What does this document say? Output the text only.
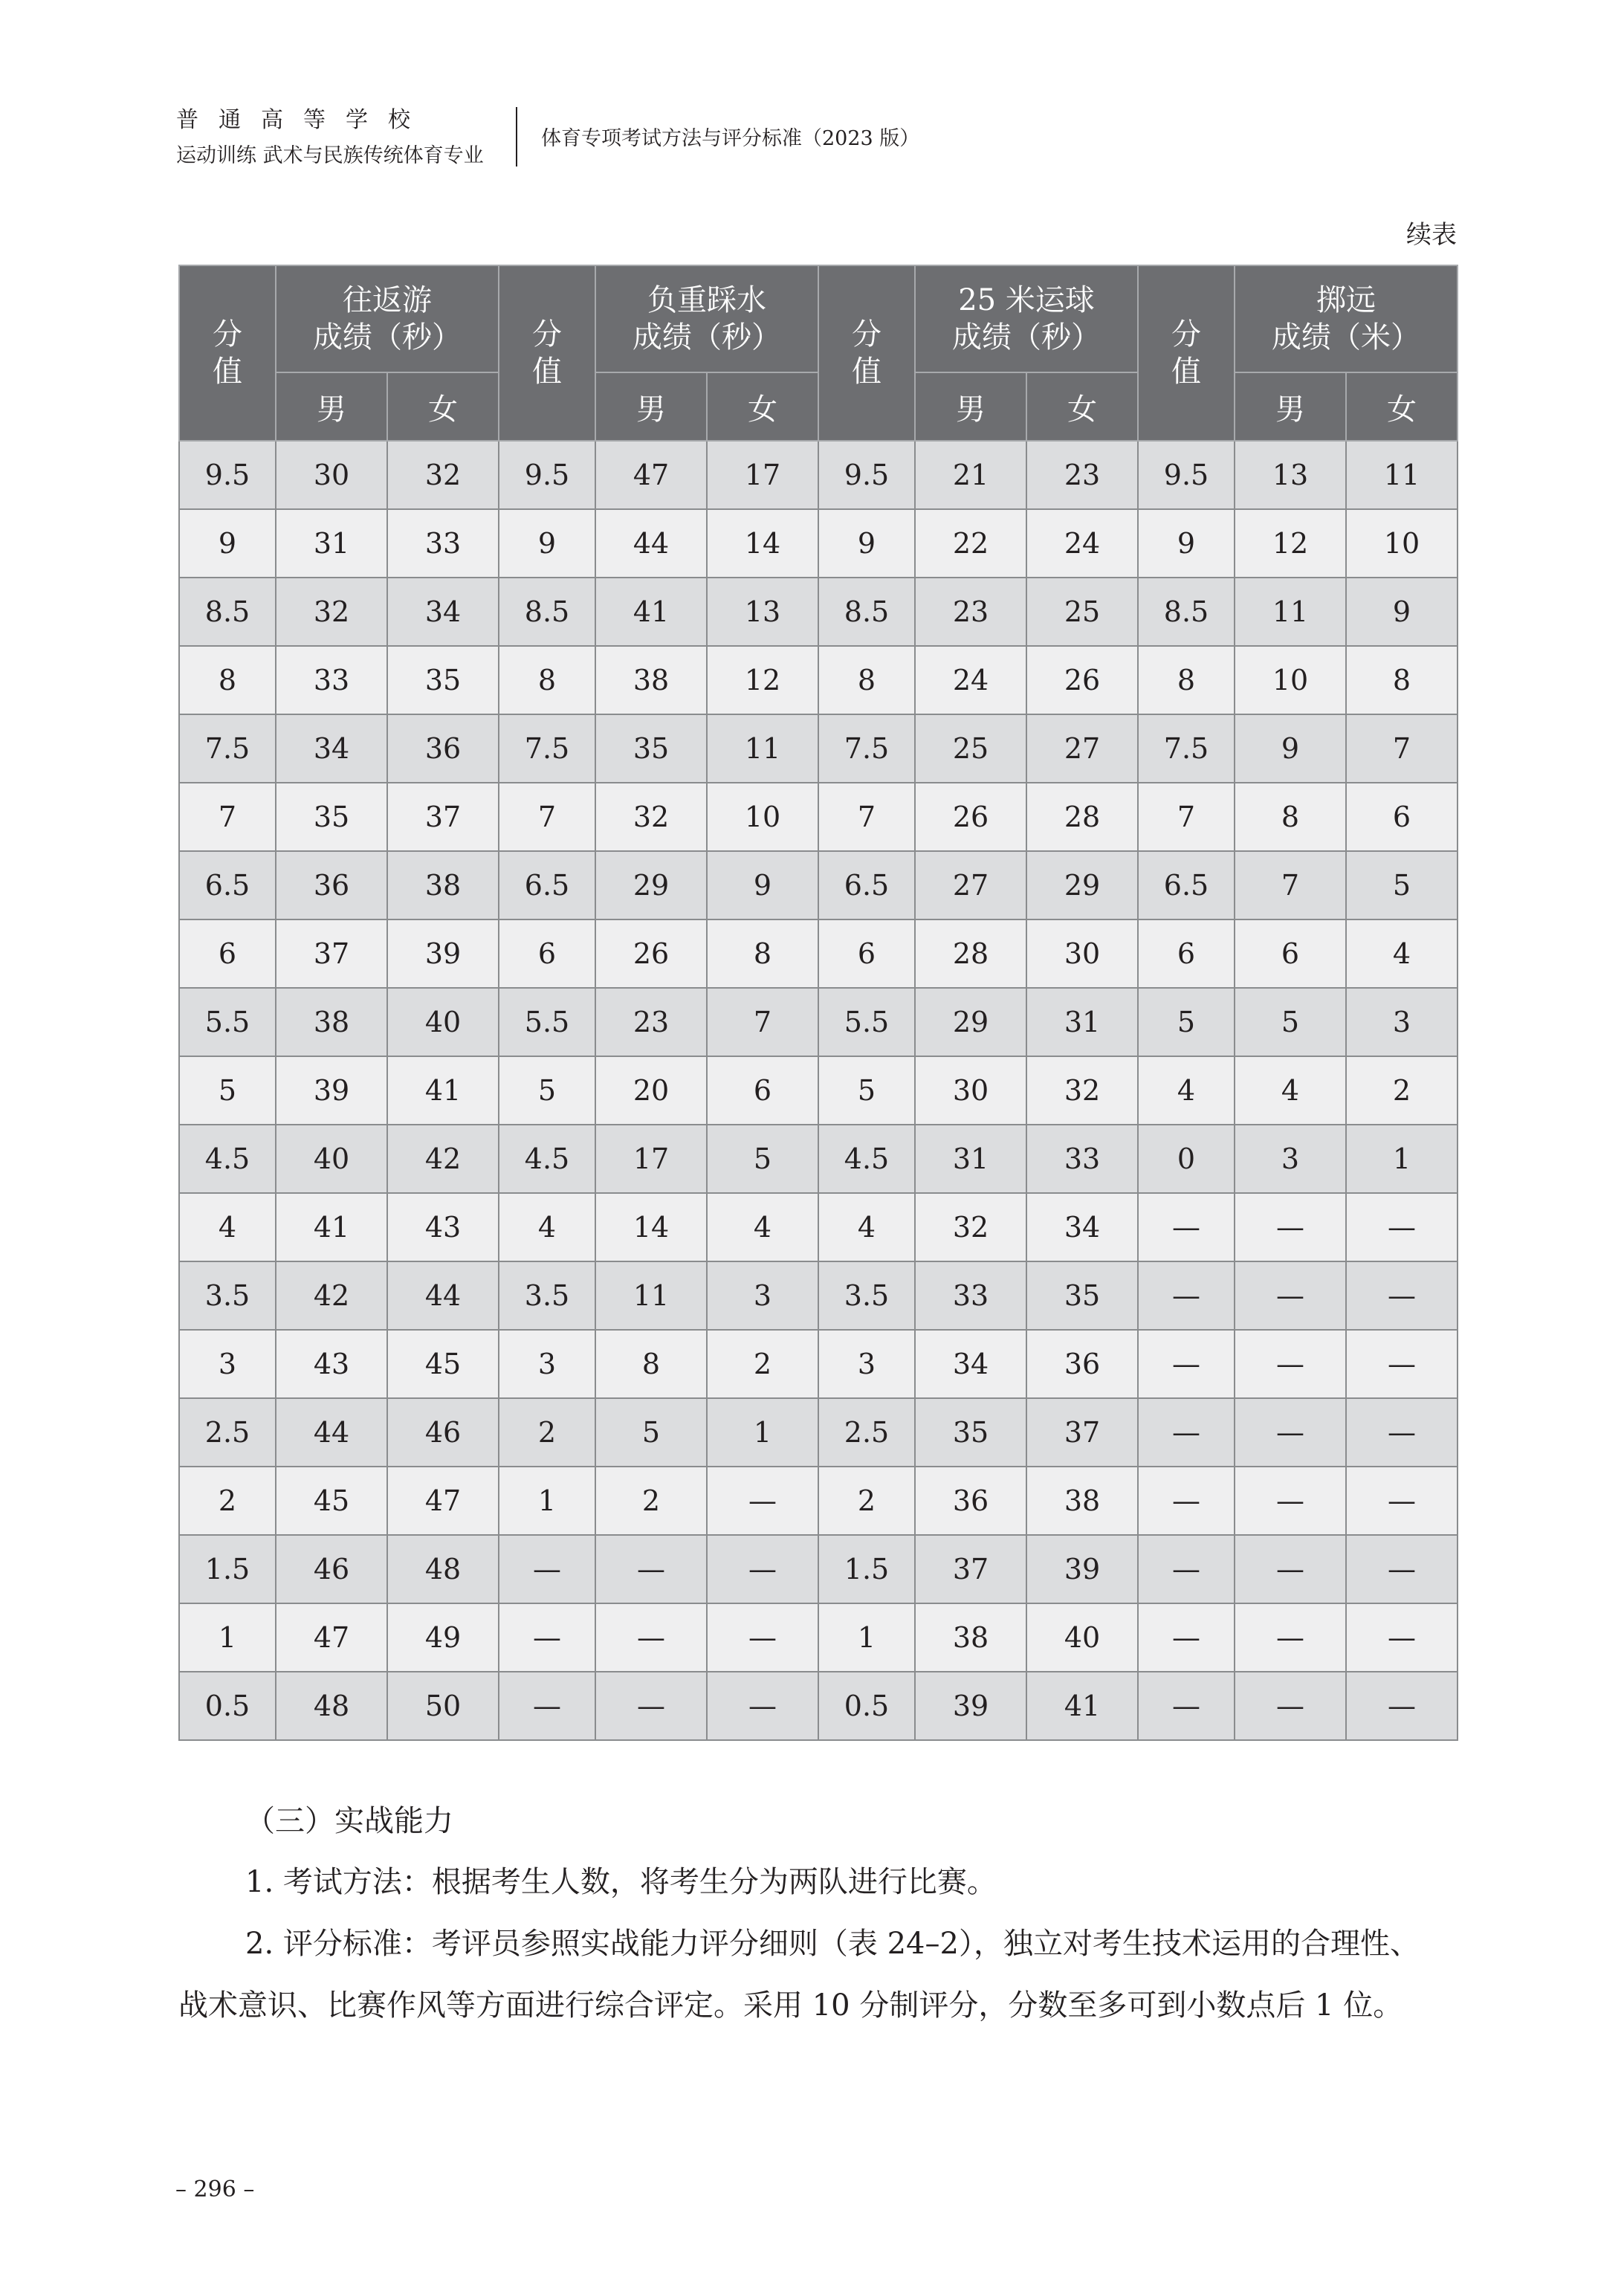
普通高等学校
运动训练 武术与民族传统体育专业
体育专项考试方法与评分标准（2023 版）
续表
分
值	往返游
成绩（秒）		分
值	负重踩水
成绩（秒）		分
值	25 米运球
成绩（秒）		分
值	掷远
成绩（米）	

	男	女		男	女		男	女		男	女
9.5	30	32	9.5	47	17	9.5	21	23	9.5	13	11
9	31	33	9	44	14	9	22	24	9	12	10
8.5	32	34	8.5	41	13	8.5	23	25	8.5	11	9
8	33	35	8	38	12	8	24	26	8	10	8
7.5	34	36	7.5	35	11	7.5	25	27	7.5	9	7
7	35	37	7	32	10	7	26	28	7	8	6
6.5	36	38	6.5	29	9	6.5	27	29	6.5	7	5
6	37	39	6	26	8	6	28	30	6	6	4
5.5	38	40	5.5	23	7	5.5	29	31	5	5	3
5	39	41	5	20	6	5	30	32	4	4	2
4.5	40	42	4.5	17	5	4.5	31	33	0	3	1
4	41	43	4	14	4	4	32	34	—	—	—
3.5	42	44	3.5	11	3	3.5	33	35	—	—	—
3	43	45	3	8	2	3	34	36	—	—	—
2.5	44	46	2	5	1	2.5	35	37	—	—	—
2	45	47	1	2	—	2	36	38	—	—	—
1.5	46	48	—	—	—	1.5	37	39	—	—	—
1	47	49	—	—	—	1	38	40	—	—	—
0.5	48	50	—	—	—	0.5	39	41	—	—	—
（三）实战能力
1. 考试方法：根据考生人数，将考生分为两队进行比赛。
2. 评分标准：考评员参照实战能力评分细则（表 24–2），独立对考生技术运用的合理性、
战术意识、比赛作风等方面进行综合评定。采用 10 分制评分，分数至多可到小数点后 1 位。
– 296 –
